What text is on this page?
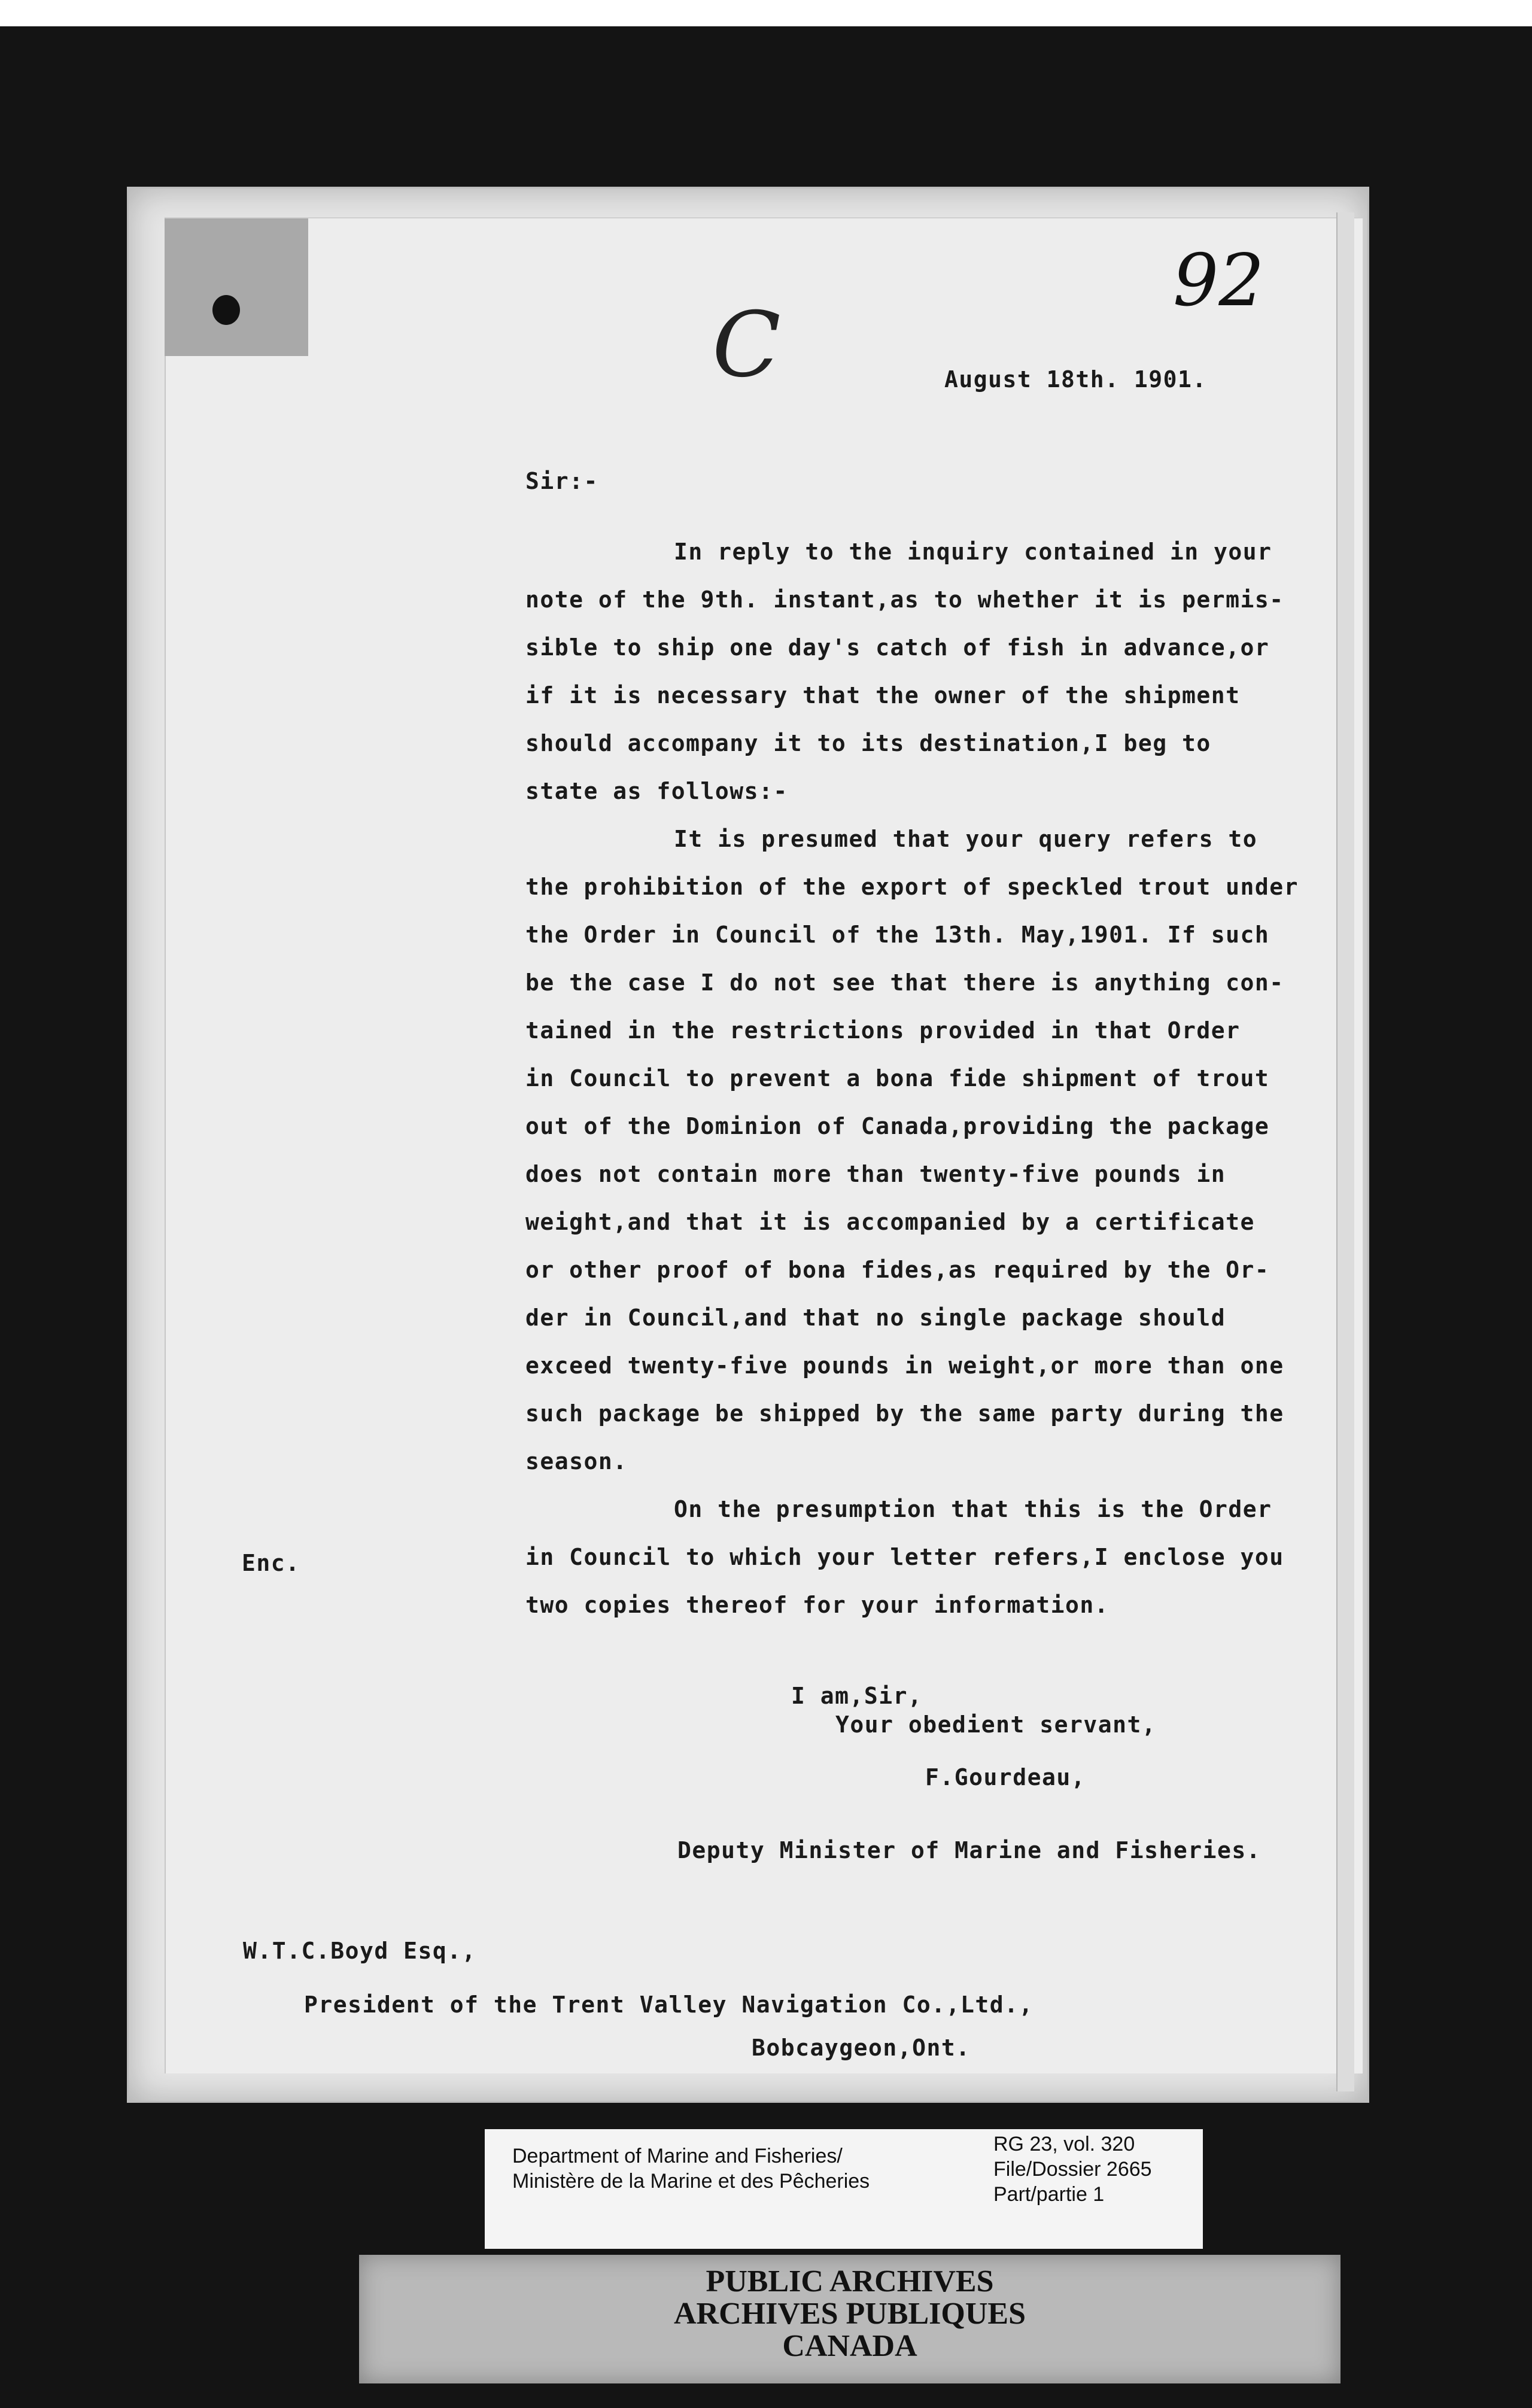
92
C	August 18th. 1901.
Sir:-
In reply to the inquiry contained in your
note of the 9th. instant,as to whether it is permis-
sible to ship one day's catch of fish in advance,or
if it is necessary that the owner of the shipment
should accompany it to its destination,I beg to
state as follows:-
It is presumed that your query refers to
the prohibition of the export of speckled trout under
the Order in Council of the 13th. May,1901. If such
be the case I do not see that there is anything con-
tained in the restrictions provided in that Order
in Council to prevent a bona fide shipment of trout
out of the Dominion of Canada,providing the package
does not contain more than twenty-five pounds in
weight,and that it is accompanied by a certificate
or other proof of bona fides,as required by the Or-
der in Council,and that no single package should
exceed twenty-five pounds in weight,or more than one
such package be shipped by the same party during the
season.
On the presumption that this is the Order
in Council to which your letter refers,I enclose you
two copies thereof for your information.
Enc.
I am,Sir,
Your obedient servant,
F.Gourdeau,
Deputy Minister of Marine and Fisheries.
W.T.C.Boyd Esq.,
President of the Trent Valley Navigation Co.,Ltd.,
Bobcaygeon,Ont.
Department of Marine and Fisheries/
Ministère de la Marine et des Pêcheries
RG 23, vol. 320
File/Dossier 2665
Part/partie 1
PUBLIC ARCHIVES
ARCHIVES PUBLIQUES
CANADA
